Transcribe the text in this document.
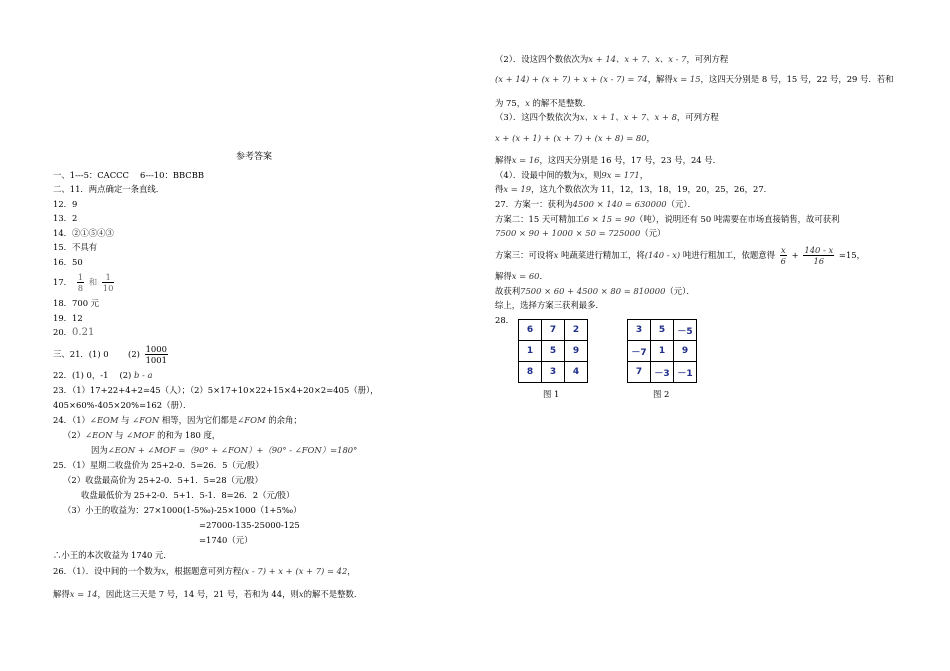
参考答案
一、1---5：CACCC　 6---10：BBCBB
二、11．两点确定一条直线．
12．9
13．2
14．②①⑤④③
15．不具有
16．50
17． $\frac{1}{8}$ 和 $\frac{1}{10}$
18．700 元
19．12
20．0.21
三、21．(1) 0　　 $(2) \frac{1000}{1001}$
22．(1) 0，-1　 (2) b - a
23．（1）17+22+4+2=45（人）；（2）5×17+10×22+15×4+20×2=405（册），
405×60%-405×20%=162（册）．
24．（1）∠EOM 与 ∠FON 相等，因为它们都是∠FOM 的余角；
（2）∠EON 与 ∠MOF 的和为 180 度，
因为∠EON + ∠MOF =（90° + ∠FON）+（90° - ∠FON）=180°
25．（1）星期二收盘价为 25+2-0．5=26．5（元/股）
（2）收盘最高价为 25+2-0．5+1．5=28（元/股）
收盘最低价为 25+2-0．5+1．5-1．8=26．2（元/股）
（3）小王的收益为：27×1000(1-5‰)-25×1000（1+5‰）
=27000-135-25000-125
=1740（元）
∴小王的本次收益为 1740 元．
26．（1）．设中间的一个数为x，根据题意可列方程(x - 7) + x + (x + 7) = 42，
解得x = 14，因此这三天是 7 号，14 号，21 号，若和为 44，则x的解不是整数.
（2）．设这四个数依次为x + 14、x + 7、x、x - 7，可列方程
(x + 14) + (x + 7) + x + (x - 7) = 74，解得x = 15，这四天分别是 8 号，15 号，22 号，29 号．若和
为 75，x 的解不是整数．
（3）．这四个数依次为x、x + 1、x + 7、x + 8，可列方程
x + (x + 1) + (x + 7) + (x + 8) = 80，
解得x = 16，这四天分别是 16 号，17 号，23 号，24 号．
（4）．设最中间的数为x，则9x = 171，
得x = 19，这九个数依次为 11，12，13，18，19，20，25，26，27．
27．方案一：获利为4500 × 140 = 630000（元）．
方案二：15 天可精加工6 × 15 = 90（吨），说明还有 50 吨需要在市场直接销售，故可获利
7500 × 90 + 1000 × 50 = 725000（元）
方案三：可设将x 吨蔬菜进行精加工，将(140 - x) 吨进行粗加工，依题意得 $\frac{x}{6} + \frac{140 - x}{16} =15$，
解得x = 60．
故获利7500 × 60 + 4500 × 80 = 810000（元）．
综上，选择方案三获利最多．
28．
6	7	2
1	5	9
8	3	4
图 1
3	5	－5
－7	1	9
7	－3	－1
图 2
